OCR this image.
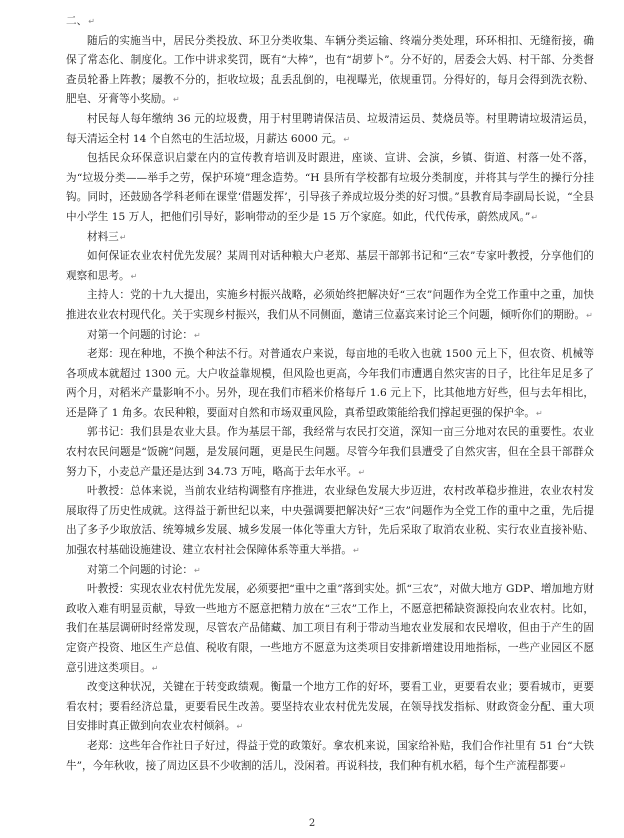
二、↵

随后的实施当中，居民分类投放、环卫分类收集、车辆分类运输、终端分类处理，环环相扣、无缝衔接，确保了常态化、制度化。工作中讲求奖罚，既有“大棒”，也有“胡萝卜”。分不好的，居委会大妈、村干部、分类督查员轮番上阵教；屡教不分的，拒收垃圾；乱丢乱倒的，电视曝光，依规重罚。分得好的，每月会得到洗衣粉、肥皂、牙膏等小奖励。↵

村民每人每年缴纳 36 元的垃圾费，用于村里聘请保洁员、垃圾清运员、焚烧员等。村里聘请垃圾清运员，每天清运全村 14 个自然屯的生活垃圾，月薪达 6000 元。↵

包括民众环保意识启蒙在内的宣传教育培训及时跟进，座谈、宣讲、会演，乡镇、街道、村落一处不落，为“垃圾分类——举手之劳，保护环境”理念造势。“H 县所有学校都有垃圾分类制度，并将其与学生的操行分挂钩。同时，还鼓励各学科老师在课堂‘借题发挥’，引导孩子养成垃圾分类的好习惯。”县教育局李副局长说，“全县中小学生 15 万人，把他们引导好，影响带动的至少是 15 万个家庭。如此，代代传承，蔚然成风。”↵

材料三↵

如何保证农业农村优先发展？某周刊对话种粮大户老郑、基层干部郭书记和“三农”专家叶教授，分享他们的观察和思考。↵

主持人：党的十九大提出，实施乡村振兴战略，必须始终把解决好“三农”问题作为全党工作重中之重，加快推进农业农村现代化。关于实现乡村振兴，我们从不同侧面，邀请三位嘉宾来讨论三个问题，倾听你们的期盼。↵

对第一个问题的讨论：↵

老郑：现在种地，不换个种法不行。对普通农户来说，每亩地的毛收入也就 1500 元上下，但农资、机械等各项成本就超过 1300 元。大户收益靠规模，但风险也更高，今年我们市遭遇自然灾害的日子，比往年足足多了两个月，对稻米产量影响不小。另外，现在我们市稻米价格每斤 1.6 元上下，比其他地方好些，但与去年相比，还是降了 1 角多。农民种粮，要面对自然和市场双重风险，真希望政策能给我们撑起更强的保护伞。↵

郭书记：我们县是农业大县。作为基层干部，我经常与农民打交道，深知一亩三分地对农民的重要性。农业农村农民问题是“饭碗”问题，是发展问题，更是民生问题。尽管今年我们县遭受了自然灾害，但在全县干部群众努力下，小麦总产量还是达到 34.73 万吨，略高于去年水平。↵

叶教授：总体来说，当前农业结构调整有序推进，农业绿色发展大步迈进，农村改革稳步推进，农业农村发展取得了历史性成就。这得益于新世纪以来，中央强调要把解决好“三农”问题作为全党工作的重中之重，先后提出了多予少取放活、统筹城乡发展、城乡发展一体化等重大方针，先后采取了取消农业税、实行农业直接补贴、加强农村基础设施建设、建立农村社会保障体系等重大举措。↵

对第二个问题的讨论：↵

叶教授：实现农业农村优先发展，必须要把“重中之重”落到实处。抓“三农”，对做大地方 GDP、增加地方财政收入难有明显贡献，导致一些地方不愿意把精力放在“三农”工作上，不愿意把稀缺资源投向农业农村。比如，我们在基层调研时经常发现，尽管农产品储藏、加工项目有利于带动当地农业发展和农民增收，但由于产生的固定资产投资、地区生产总值、税收有限，一些地方不愿意为这类项目安排新增建设用地指标，一些产业园区不愿意引进这类项目。↵

改变这种状况，关键在于转变政绩观。衡量一个地方工作的好坏，要看工业，更要看农业；要看城市，更要看农村；要看经济总量，更要看民生改善。要坚持农业农村优先发展，在领导找发指标、财政资金分配、重大项目安排时真正做到向农业农村倾斜。↵

老郑：这些年合作社日子好过，得益于党的政策好。拿农机来说，国家给补贴，我们合作社里有 51 台“大铁牛”，今年秋收，接了周边区县不少收割的活儿，没闲着。再说科技，我们种有机水稻，每个生产流程都要↵

2
